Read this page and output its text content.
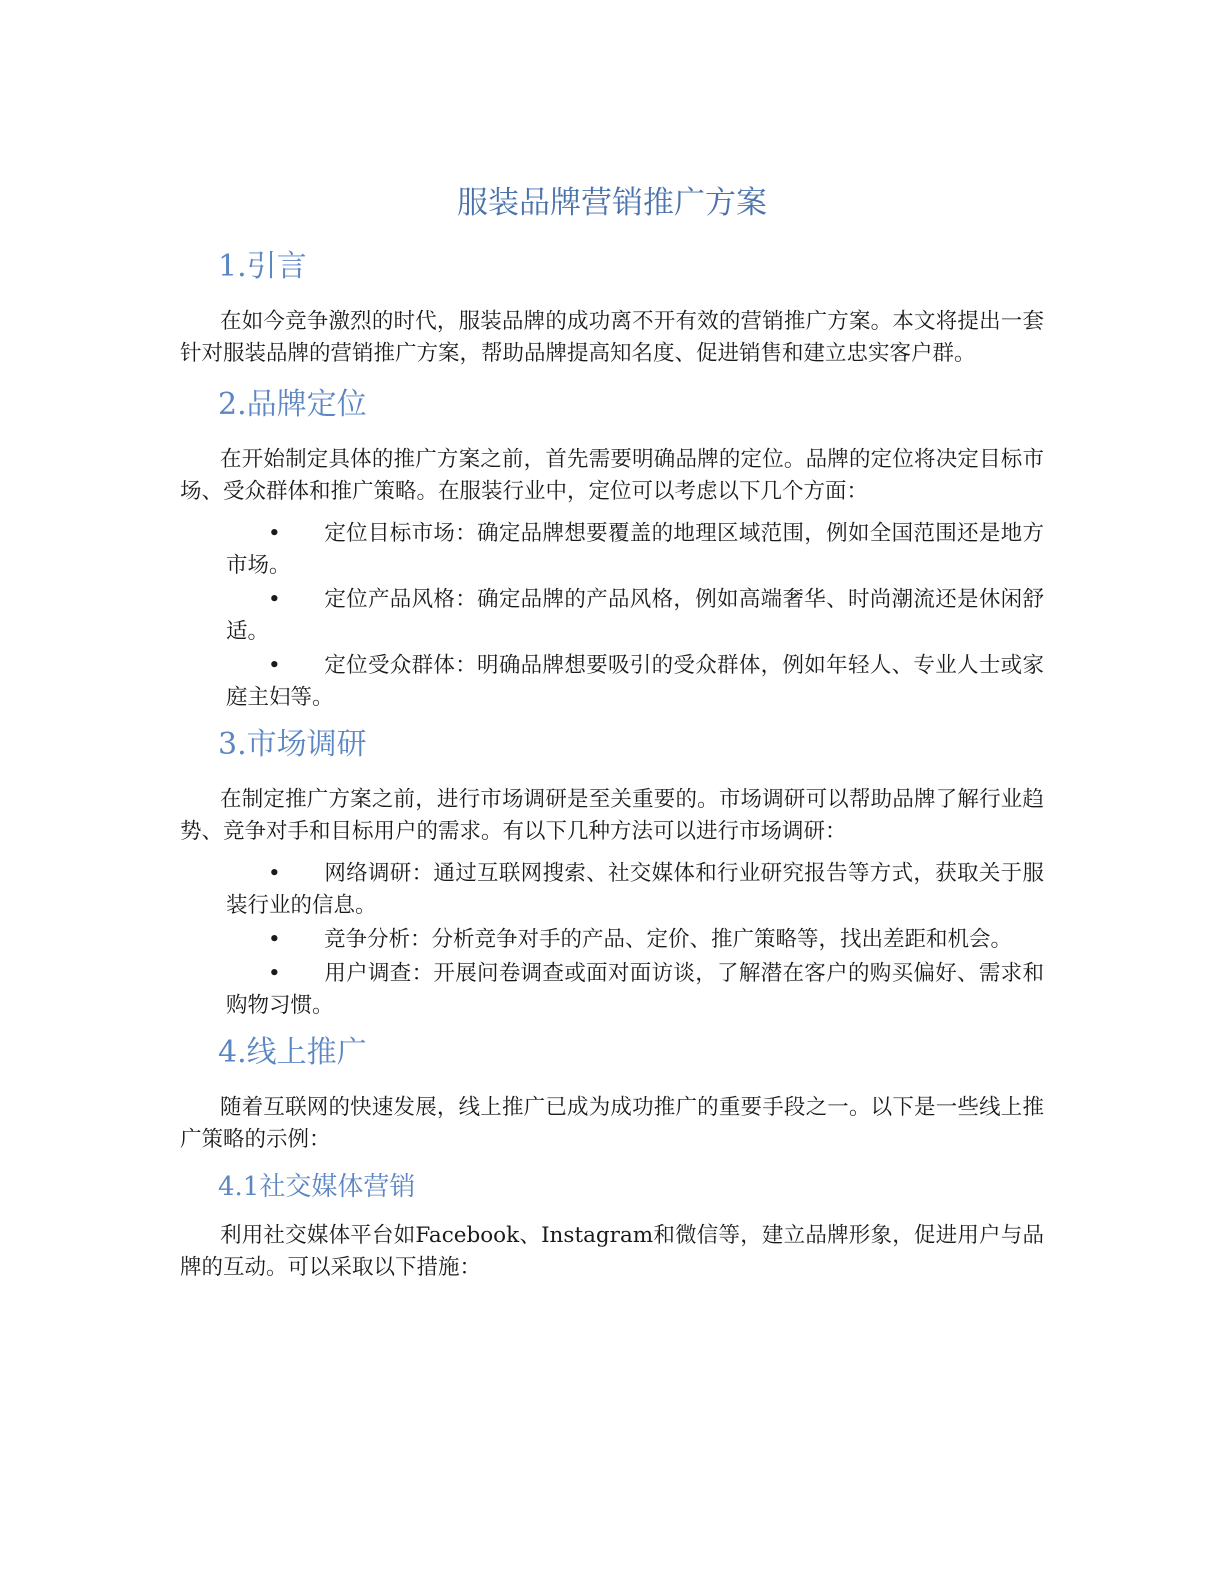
服装品牌营销推广方案
1.引言

在如今竞争激烈的时代，服装品牌的成功离不开有效的营销推广方案。本文将提出一套针对服装品牌的营销推广方案，帮助品牌提高知名度、促进销售和建立忠实客户群。

2.品牌定位

在开始制定具体的推广方案之前，首先需要明确品牌的定位。品牌的定位将决定目标市场、受众群体和推广策略。在服装行业中，定位可以考虑以下几个方面：

• 定位目标市场：确定品牌想要覆盖的地理区域范围，例如全国范围还是地方市场。
• 定位产品风格：确定品牌的产品风格，例如高端奢华、时尚潮流还是休闲舒适。
• 定位受众群体：明确品牌想要吸引的受众群体，例如年轻人、专业人士或家庭主妇等。
3.市场调研

在制定推广方案之前，进行市场调研是至关重要的。市场调研可以帮助品牌了解行业趋势、竞争对手和目标用户的需求。有以下几种方法可以进行市场调研：

• 网络调研：通过互联网搜索、社交媒体和行业研究报告等方式，获取关于服装行业的信息。
• 竞争分析：分析竞争对手的产品、定价、推广策略等，找出差距和机会。
• 用户调查：开展问卷调查或面对面访谈，了解潜在客户的购买偏好、需求和购物习惯。
4.线上推广

随着互联网的快速发展，线上推广已成为成功推广的重要手段之一。以下是一些线上推广策略的示例：

4.1社交媒体营销

利用社交媒体平台如Facebook、Instagram和微信等，建立品牌形象，促进用户与品牌的互动。可以采取以下措施：
